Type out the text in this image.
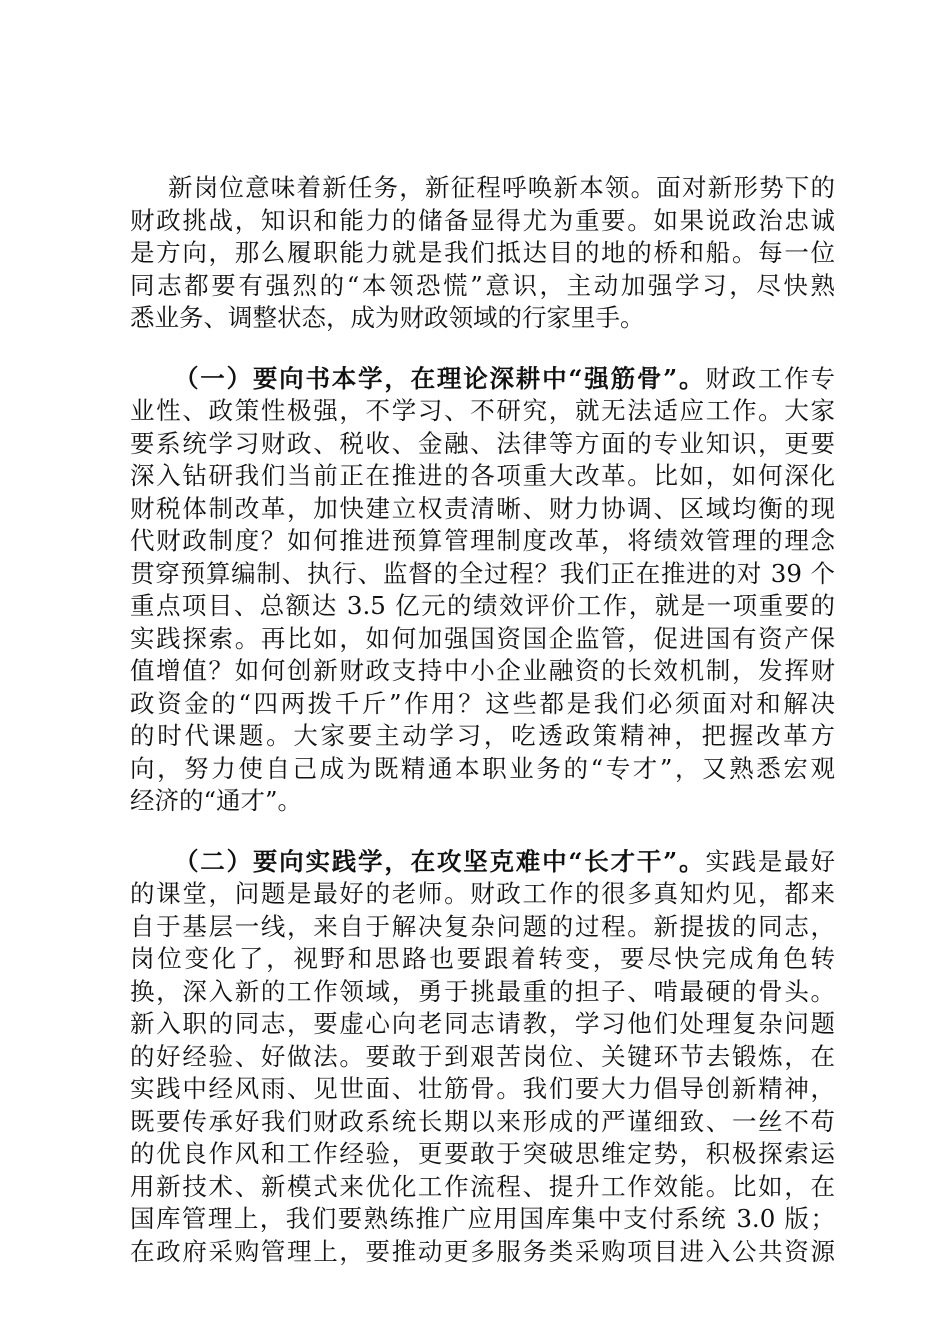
新岗位意味着新任务，新征程呼唤新本领。面对新形势下的
财政挑战，知识和能力的储备显得尤为重要。如果说政治忠诚
是方向，那么履职能力就是我们抵达目的地的桥和船。每一位
同志都要有强烈的“本领恐慌”意识，主动加强学习，尽快熟
悉业务、调整状态，成为财政领域的行家里手。
（一）要向书本学，在理论深耕中“强筋骨”。财政工作专
业性、政策性极强，不学习、不研究，就无法适应工作。大家
要系统学习财政、税收、金融、法律等方面的专业知识，更要
深入钻研我们当前正在推进的各项重大改革。比如，如何深化
财税体制改革，加快建立权责清晰、财力协调、区域均衡的现
代财政制度？如何推进预算管理制度改革，将绩效管理的理念
贯穿预算编制、执行、监督的全过程？我们正在推进的对 39 个
重点项目、总额达 3.5 亿元的绩效评价工作，就是一项重要的
实践探索。再比如，如何加强国资国企监管，促进国有资产保
值增值？如何创新财政支持中小企业融资的长效机制，发挥财
政资金的“四两拨千斤”作用？这些都是我们必须面对和解决
的时代课题。大家要主动学习，吃透政策精神，把握改革方
向，努力使自己成为既精通本职业务的“专才”，又熟悉宏观
经济的“通才”。
（二）要向实践学，在攻坚克难中“长才干”。实践是最好
的课堂，问题是最好的老师。财政工作的很多真知灼见，都来
自于基层一线，来自于解决复杂问题的过程。新提拔的同志，
岗位变化了，视野和思路也要跟着转变，要尽快完成角色转
换，深入新的工作领域，勇于挑最重的担子、啃最硬的骨头。
新入职的同志，要虚心向老同志请教，学习他们处理复杂问题
的好经验、好做法。要敢于到艰苦岗位、关键环节去锻炼，在
实践中经风雨、见世面、壮筋骨。我们要大力倡导创新精神，
既要传承好我们财政系统长期以来形成的严谨细致、一丝不苟
的优良作风和工作经验，更要敢于突破思维定势，积极探索运
用新技术、新模式来优化工作流程、提升工作效能。比如，在
国库管理上，我们要熟练推广应用国库集中支付系统 3.0 版；
在政府采购管理上，要推动更多服务类采购项目进入公共资源
